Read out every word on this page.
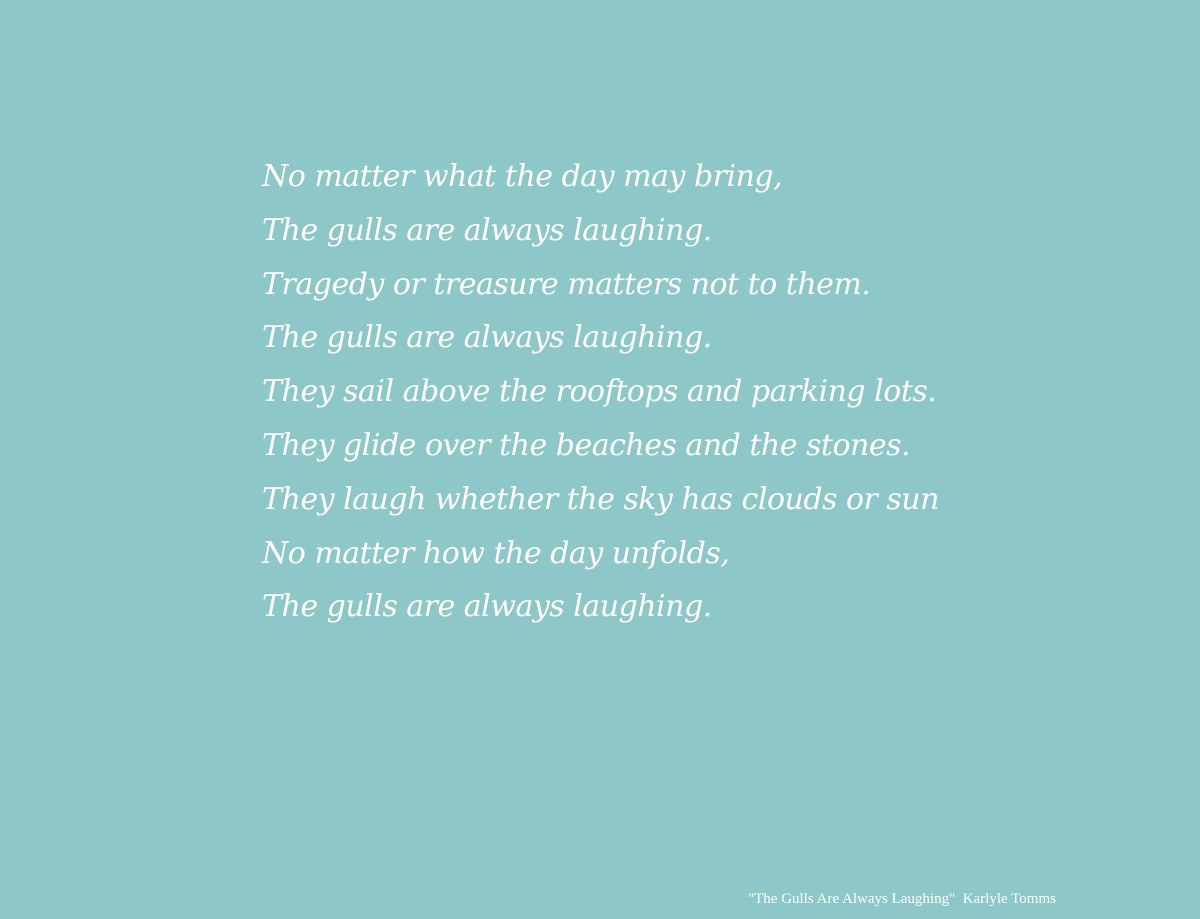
No matter what the day may bring,
The gulls are always laughing.
Tragedy or treasure matters not to them.
The gulls are always laughing.
They sail above the rooftops and parking lots.
They glide over the beaches and the stones.
They laugh whether the sky has clouds or sun
No matter how the day unfolds,
The gulls are always laughing.
"The Gulls Are Always Laughing" Karlyle Tomms
